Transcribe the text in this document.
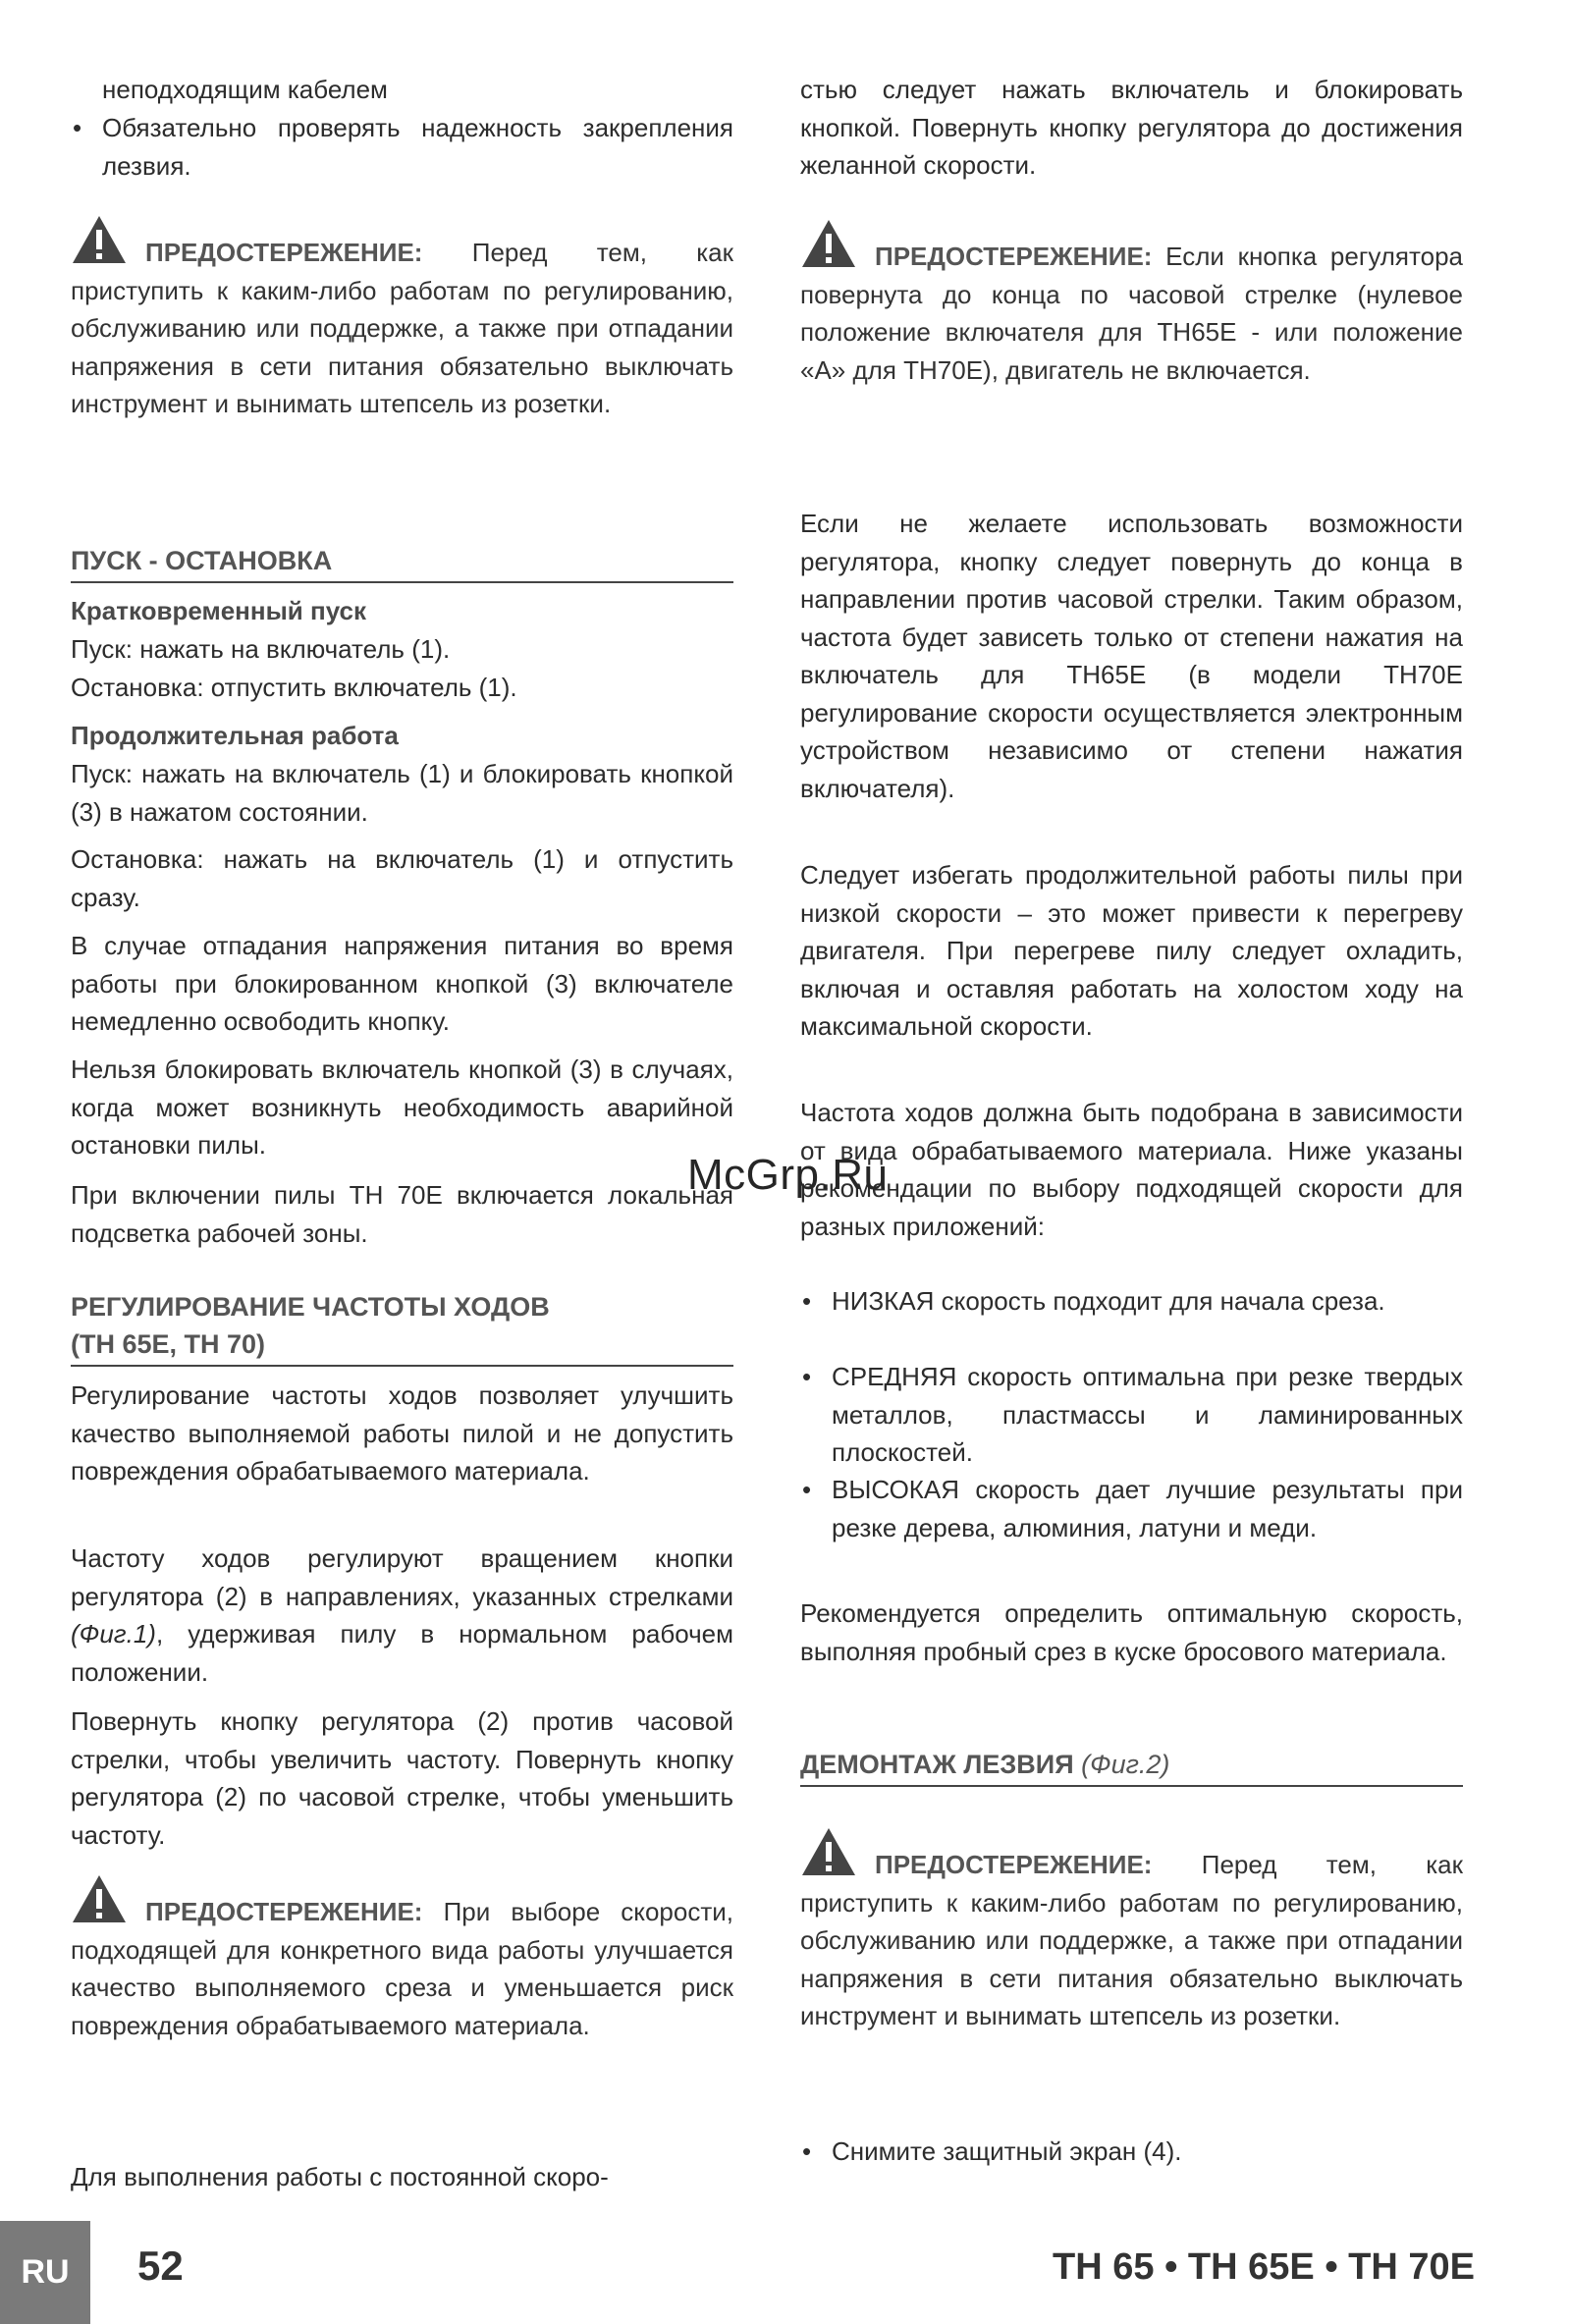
неподходящим кабелем

• Обязательно проверять надежность закрепления лезвия.
ПРЕДОСТЕРЕЖЕНИЕ: Перед тем, как приступить к каким-либо работам по регулированию, обслуживанию или поддержке, а также при отпадании напряжения в сети питания обязательно выключать инструмент и вынимать штепсель из розетки.
ПУСК - ОСТАНОВКА
Кратковременный пуск

Пуск: нажать на включатель (1).

Остановка: отпустить включатель (1).

Продолжительная работа

Пуск: нажать на включатель (1) и блокировать кнопкой (3) в нажатом состоянии.

Остановка: нажать на включатель (1) и отпустить сразу.

В случае отпадания напряжения питания во время работы при блокированном кнопкой (3) включателе немедленно освободить кнопку.

Нельзя блокировать включатель кнопкой (3) в случаях, когда может возникнуть необходимость аварийной остановки пилы.

При включении пилы TH 70E включается локальная подсветка рабочей зоны.

РЕГУЛИРОВАНИЕ ЧАСТОТЫ ХОДОВ
(TH 65E, TH 70)

Регулирование частоты ходов позволяет улучшить качество выполняемой работы пилой и не допустить повреждения обрабатываемого материала.

Частоту ходов регулируют вращением кнопки регулятора (2) в направлениях, указанных стрелками (Фиг.1), удерживая пилу в нормальном рабочем положении.

Повернуть кнопку регулятора (2) против часовой стрелки, чтобы увеличить частоту. Повернуть кнопку регулятора (2) по часовой стрелке, чтобы уменьшить частоту.

ПРЕДОСТЕРЕЖЕНИЕ: При выборе скорости, подходящей для конкретного вида работы улучшается качество выполняемого среза и уменьшается риск повреждения обрабатываемого материала.

Для выполнения работы с постоянной скоро-

стью следует нажать включатель и блокировать кнопкой. Повернуть кнопку регулятора до достижения желанной скорости.

ПРЕДОСТЕРЕЖЕНИЕ: Если кнопка регулятора повернута до конца по часовой стрелке (нулевое положение включателя для TH65E - или положение «A» для TH70E), двигатель не включается.

Если не желаете использовать возможности регулятора, кнопку следует повернуть до конца в направлении против часовой стрелки. Таким образом, частота будет зависеть только от степени нажатия на включатель для TH65E (в модели TH70E регулирование скорости осуществляется электронным устройством независимо от степени нажатия включателя).

Следует избегать продолжительной работы пилы при низкой скорости – это может привести к перегреву двигателя. При перегреве пилу следует охладить, включая и оставляя работать на холостом ходу на максимальной скорости.

Частота ходов должна быть подобрана в зависимости от вида обрабатываемого материала. Ниже указаны рекомендации по выбору подходящей скорости для разных приложений:

• НИЗКАЯ скорость подходит для начала среза.
• СРЕДНЯЯ скорость оптимальна при резке твердых металлов, пластмассы и ламинированных плоскостей.
• ВЫСОКАЯ скорость дает лучшие результаты при резке дерева, алюминия, латуни и меди.

Рекомендуется определить оптимальную скорость, выполняя пробный срез в куске бросового материала.

ДЕМОНТАЖ ЛЕЗВИЯ (Фиг.2)
ПРЕДОСТЕРЕЖЕНИЕ: Перед тем, как приступить к каким-либо работам по регулированию, обслуживанию или поддержке, а также при отпадании напряжения в сети питания обязательно выключать инструмент и вынимать штепсель из розетки.
• Снимите защитный экран (4).
McGrp.Ru
RU	52	TH 65 • TH 65E • TH 70E
